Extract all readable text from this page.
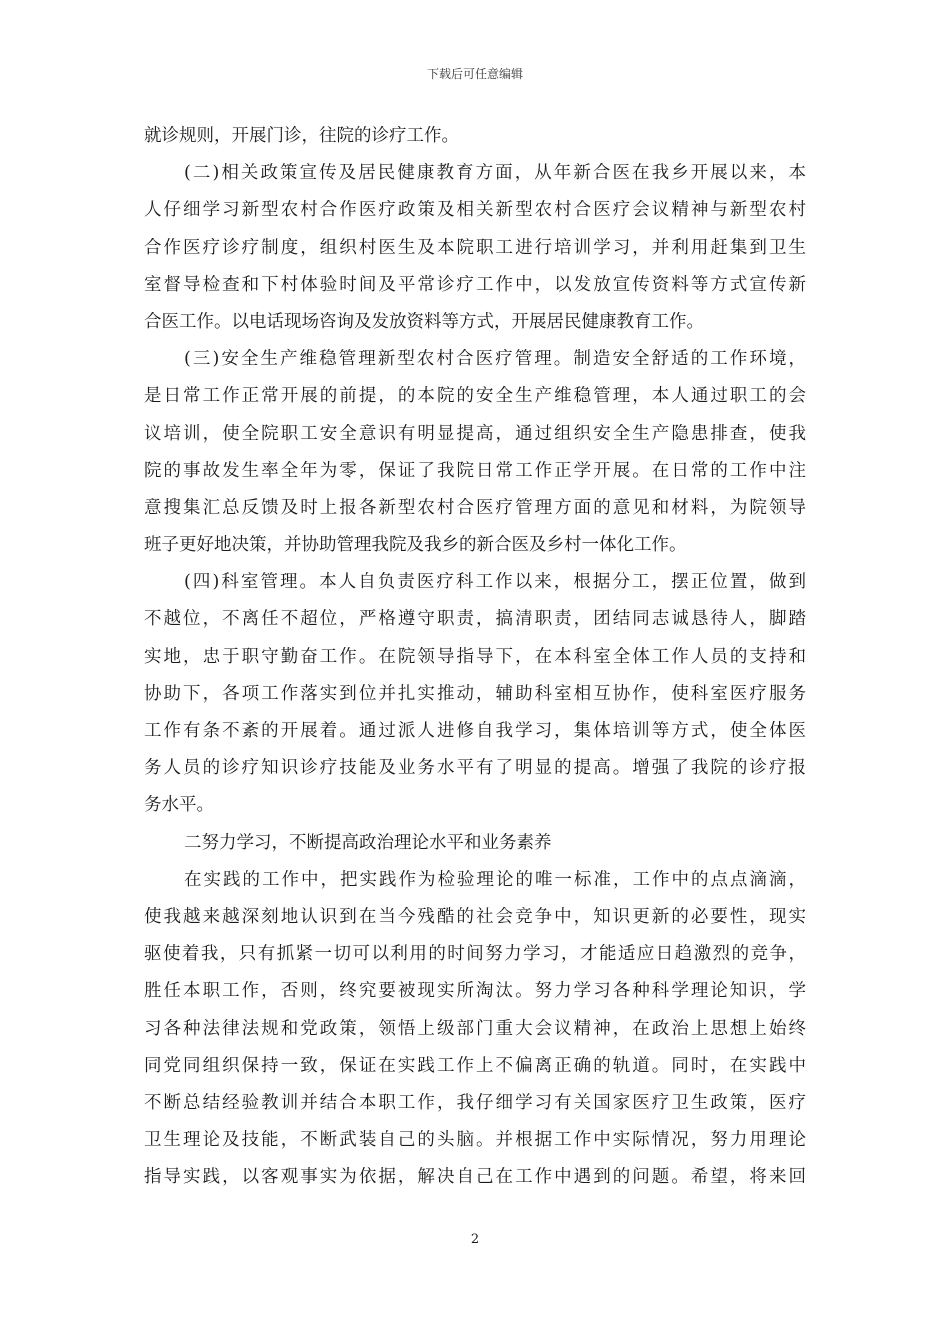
下载后可任意编辑
就诊规则，开展门诊，往院的诊疗工作。
(二)相关政策宣传及居民健康教育方面，从年新合医在我乡开展以来，本
人仔细学习新型农村合作医疗政策及相关新型农村合医疗会议精神与新型农村
合作医疗诊疗制度，组织村医生及本院职工进行培训学习，并利用赶集到卫生
室督导检查和下村体验时间及平常诊疗工作中，以发放宣传资料等方式宣传新
合医工作。以电话现场咨询及发放资料等方式，开展居民健康教育工作。
(三)安全生产维稳管理新型农村合医疗管理。制造安全舒适的工作环境，
是日常工作正常开展的前提，的本院的安全生产维稳管理，本人通过职工的会
议培训，使全院职工安全意识有明显提高，通过组织安全生产隐患排查，使我
院的事故发生率全年为零，保证了我院日常工作正学开展。在日常的工作中注
意搜集汇总反馈及时上报各新型农村合医疗管理方面的意见和材料，为院领导
班子更好地决策，并协助管理我院及我乡的新合医及乡村一体化工作。
(四)科室管理。本人自负责医疗科工作以来，根据分工，摆正位置，做到
不越位，不离任不超位，严格遵守职责，搞清职责，团结同志诚恳待人，脚踏
实地，忠于职守勤奋工作。在院领导指导下，在本科室全体工作人员的支持和
协助下，各项工作落实到位并扎实推动，辅助科室相互协作，使科室医疗服务
工作有条不紊的开展着。通过派人进修自我学习，集体培训等方式，使全体医
务人员的诊疗知识诊疗技能及业务水平有了明显的提高。增强了我院的诊疗报
务水平。
二努力学习，不断提高政治理论水平和业务素养
在实践的工作中，把实践作为检验理论的唯一标准，工作中的点点滴滴，
使我越来越深刻地认识到在当今残酷的社会竞争中，知识更新的必要性，现实
驱使着我，只有抓紧一切可以利用的时间努力学习，才能适应日趋激烈的竞争，
胜任本职工作，否则，终究要被现实所淘汰。努力学习各种科学理论知识，学
习各种法律法规和党政策，领悟上级部门重大会议精神，在政治上思想上始终
同党同组织保持一致，保证在实践工作上不偏离正确的轨道。同时，在实践中
不断总结经验教训并结合本职工作，我仔细学习有关国家医疗卫生政策，医疗
卫生理论及技能，不断武装自己的头脑。并根据工作中实际情况，努力用理论
指导实践，以客观事实为依据，解决自己在工作中遇到的问题。希望，将来回
2
